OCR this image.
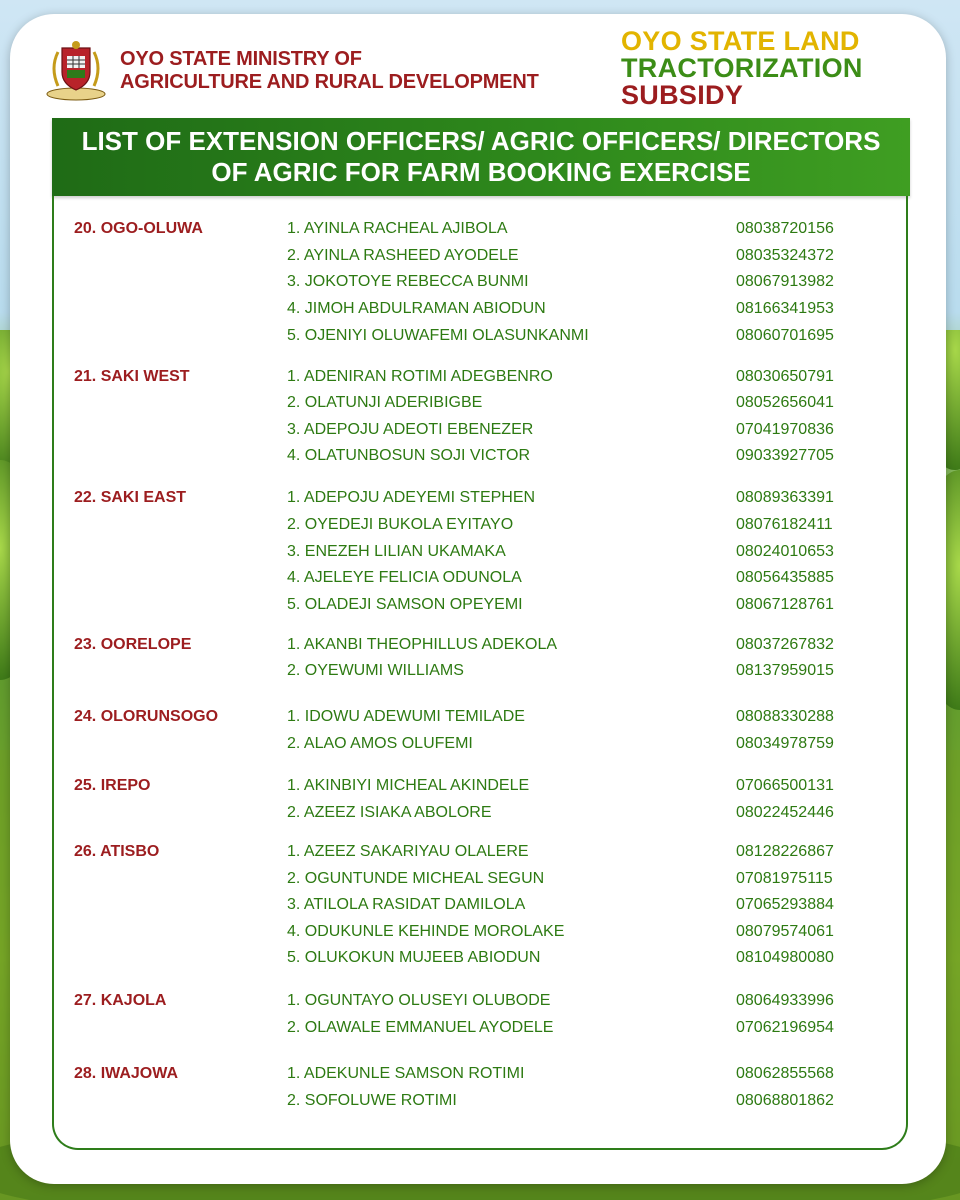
OYO STATE MINISTRY OF
AGRICULTURE AND RURAL DEVELOPMENT
OYO STATE LAND
TRACTORIZATION
SUBSIDY
LIST OF EXTENSION OFFICERS/ AGRIC OFFICERS/ DIRECTORS
OF AGRIC FOR FARM BOOKING EXERCISE
20. OGO-OLUWA	1. AYINLA RACHEAL AJIBOLA	08038720156
2. AYINLA RASHEED AYODELE	08035324372
3. JOKOTOYE REBECCA BUNMI	08067913982
4. JIMOH ABDULRAMAN ABIODUN	08166341953
5. OJENIYI OLUWAFEMI OLASUNKANMI	08060701695
21. SAKI WEST	1. ADENIRAN ROTIMI ADEGBENRO	08030650791
2. OLATUNJI ADERIBIGBE	08052656041
3. ADEPOJU ADEOTI EBENEZER	07041970836
4. OLATUNBOSUN SOJI VICTOR	09033927705
22. SAKI EAST	1. ADEPOJU ADEYEMI STEPHEN	08089363391
2. OYEDEJI BUKOLA EYITAYO	08076182411
3. ENEZEH LILIAN UKAMAKA	08024010653
4. AJELEYE FELICIA ODUNOLA	08056435885
5. OLADEJI SAMSON OPEYEMI	08067128761
23. OORELOPE	1. AKANBI THEOPHILLUS ADEKOLA	08037267832
2. OYEWUMI WILLIAMS	08137959015
24. OLORUNSOGO	1. IDOWU ADEWUMI TEMILADE	08088330288
2. ALAO AMOS OLUFEMI	08034978759
25. IREPO	1. AKINBIYI MICHEAL AKINDELE	07066500131
2. AZEEZ ISIAKA ABOLORE	08022452446
26. ATISBO	1. AZEEZ SAKARIYAU OLALERE	08128226867
2. OGUNTUNDE MICHEAL SEGUN	07081975115
3. ATILOLA RASIDAT DAMILOLA	07065293884
4. ODUKUNLE KEHINDE MOROLAKE	08079574061
5. OLUKOKUN MUJEEB ABIODUN	08104980080
27. KAJOLA	1. OGUNTAYO OLUSEYI OLUBODE	08064933996
2. OLAWALE EMMANUEL AYODELE	07062196954
28. IWAJOWA	1. ADEKUNLE SAMSON ROTIMI	08062855568
2. SOFOLUWE ROTIMI	08068801862
